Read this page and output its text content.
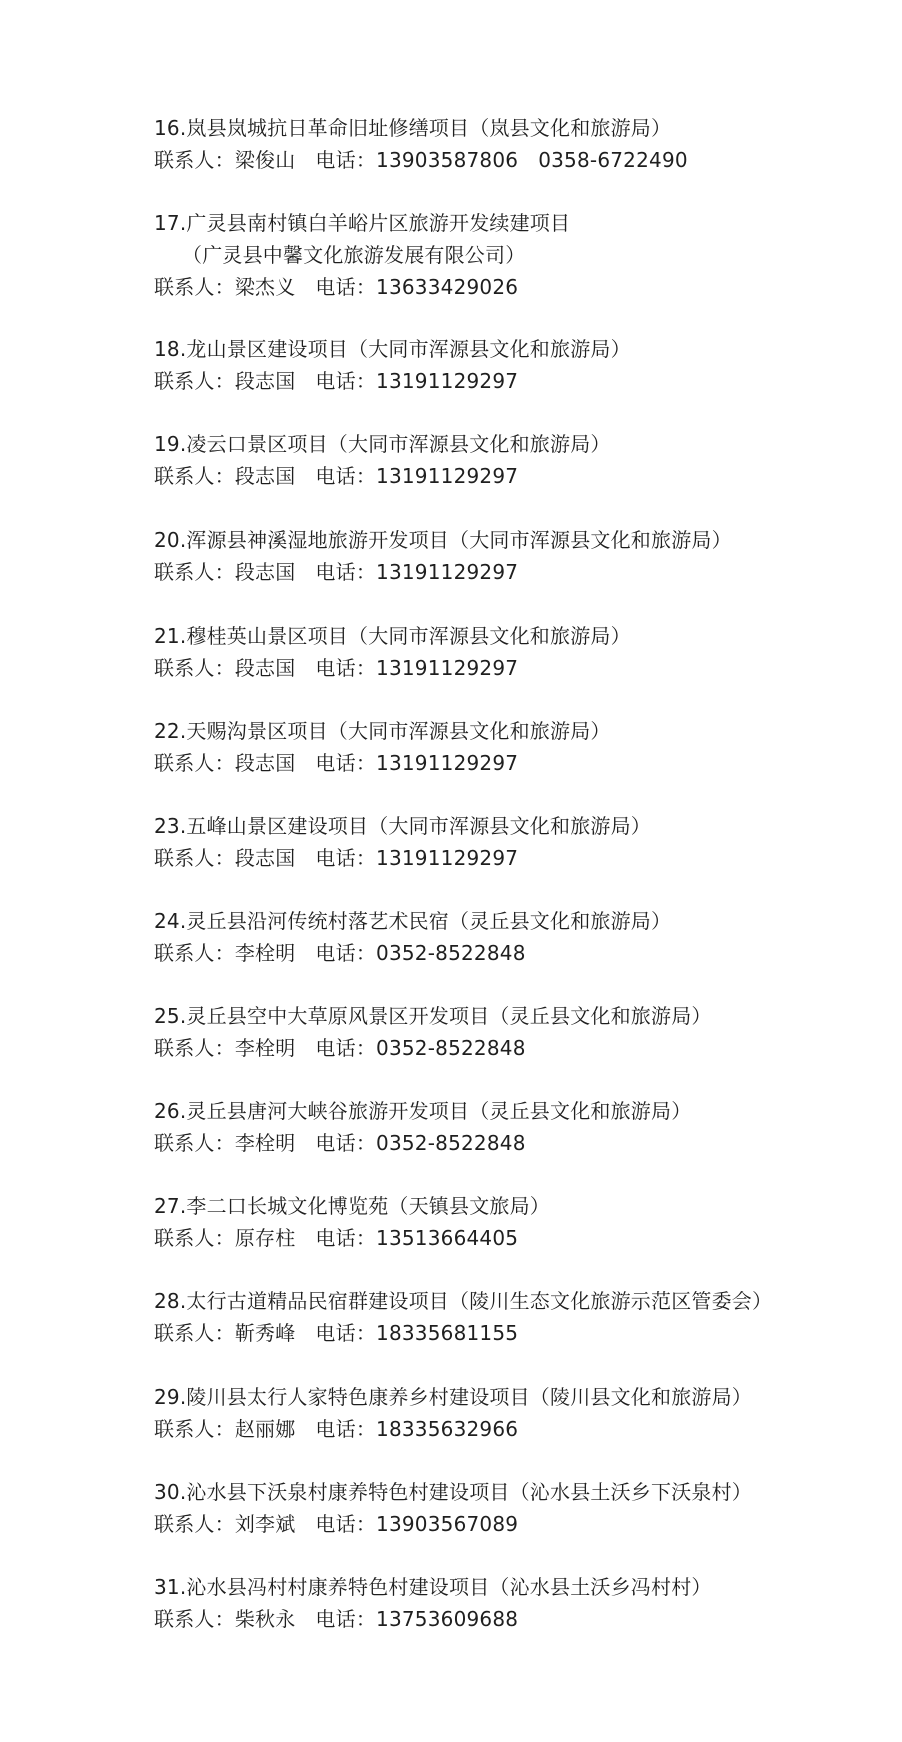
16.岚县岚城抗日革命旧址修缮项目（岚县文化和旅游局）
联系人：梁俊山 电话：13903587806 0358-6722490
17.广灵县南村镇白羊峪片区旅游开发续建项目
（广灵县中馨文化旅游发展有限公司）
联系人：梁杰义 电话：13633429026
18.龙山景区建设项目（大同市浑源县文化和旅游局）
联系人：段志国 电话：13191129297
19.凌云口景区项目（大同市浑源县文化和旅游局）
联系人：段志国 电话：13191129297
20.浑源县神溪湿地旅游开发项目（大同市浑源县文化和旅游局）
联系人：段志国 电话：13191129297
21.穆桂英山景区项目（大同市浑源县文化和旅游局）
联系人：段志国 电话：13191129297
22.天赐沟景区项目（大同市浑源县文化和旅游局）
联系人：段志国 电话：13191129297
23.五峰山景区建设项目（大同市浑源县文化和旅游局）
联系人：段志国 电话：13191129297
24.灵丘县沿河传统村落艺术民宿（灵丘县文化和旅游局）
联系人：李栓明 电话：0352-8522848
25.灵丘县空中大草原风景区开发项目（灵丘县文化和旅游局）
联系人：李栓明 电话：0352-8522848
26.灵丘县唐河大峡谷旅游开发项目（灵丘县文化和旅游局）
联系人：李栓明 电话：0352-8522848
27.李二口长城文化博览苑（天镇县文旅局）
联系人：原存柱 电话：13513664405
28.太行古道精品民宿群建设项目（陵川生态文化旅游示范区管委会）
联系人：靳秀峰 电话：18335681155
29.陵川县太行人家特色康养乡村建设项目（陵川县文化和旅游局）
联系人：赵丽娜 电话：18335632966
30.沁水县下沃泉村康养特色村建设项目（沁水县土沃乡下沃泉村）
联系人：刘李斌 电话：13903567089
31.沁水县冯村村康养特色村建设项目（沁水县土沃乡冯村村）
联系人：柴秋永 电话：13753609688
